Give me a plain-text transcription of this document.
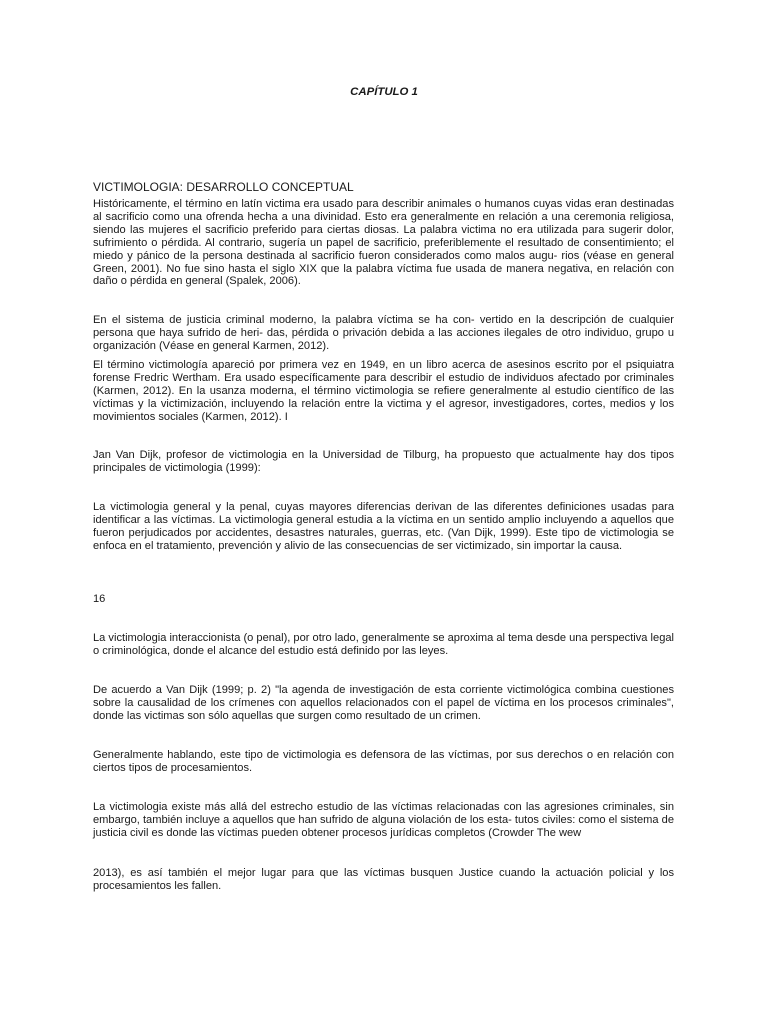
CAPÍTULO 1

VICTIMOLOGIA: DESARROLLO CONCEPTUAL

Históricamente, el término en latín victima era usado para describir animales o humanos cuyas vidas eran destinadas al sacrificio como una ofrenda hecha a una divinidad. Esto era generalmente en relación a una ceremonia religiosa, siendo las mujeres el sacrificio preferido para ciertas diosas. La palabra victima no era utilizada para sugerir dolor, sufrimiento o pérdida. Al contrario, sugería un papel de sacrificio, preferiblemente el resultado de consentimiento; el miedo y pánico de la persona destinada al sacrificio fueron considerados como malos augu- rios (véase en general Green, 2001). No fue sino hasta el siglo XIX que la palabra víctima fue usada de manera negativa, en relación con daño o pérdida en general (Spalek, 2006).

En el sistema de justicia criminal moderno, la palabra víctima se ha con- vertido en la descripción de cualquier persona que haya sufrido de heri- das, pérdida o privación debida a las acciones ilegales de otro individuo, grupo u organización (Véase en general Karmen, 2012).

El término victimología apareció por primera vez en 1949, en un libro acerca de asesinos escrito por el psiquiatra forense Fredric Wertham. Era usado específicamente para describir el estudio de individuos afectado por criminales (Karmen, 2012). En la usanza moderna, el término victimologia se refiere generalmente al estudio científico de las víctimas y la victimización, incluyendo la relación entre la victima y el agresor, investigadores, cortes, medios y los movimientos sociales (Karmen, 2012). I

Jan Van Dijk, profesor de victimologia en la Universidad de Tilburg, ha propuesto que actualmente hay dos tipos principales de victimologia (1999):

La victimologia general y la penal, cuyas mayores diferencias derivan de las diferentes definiciones usadas para identificar a las víctimas. La victimologia general estudia a la víctima en un sentido amplio incluyendo a aquellos que fueron perjudicados por accidentes, desastres naturales, guerras, etc. (Van Dijk, 1999). Este tipo de victimologia se enfoca en el tratamiento, prevención y alivio de las consecuencias de ser victimizado, sin importar la causa.

16

La victimologia interaccionista (o penal), por otro lado, generalmente se aproxima al tema desde una perspectiva legal o criminológica, donde el alcance del estudio está definido por las leyes.

De acuerdo a Van Dijk (1999; p. 2) "la agenda de investigación de esta corriente victimológica combina cuestiones sobre la causalidad de los crímenes con aquellos relacionados con el papel de víctima en los procesos criminales", donde las victimas son sólo aquellas que surgen como resultado de un crimen.

Generalmente hablando, este tipo de victimologia es defensora de las víctimas, por sus derechos o en relación con ciertos tipos de procesamientos.

La victimologia existe más allá del estrecho estudio de las víctimas relacionadas con las agresiones criminales, sin embargo, también incluye a aquellos que han sufrido de alguna violación de los esta- tutos civiles: como el sistema de justicia civil es donde las víctimas pueden obtener procesos jurídicas completos (Crowder The wew

2013), es así también el mejor lugar para que las víctimas busquen Justice cuando la actuación policial y los procesamientos les fallen.
